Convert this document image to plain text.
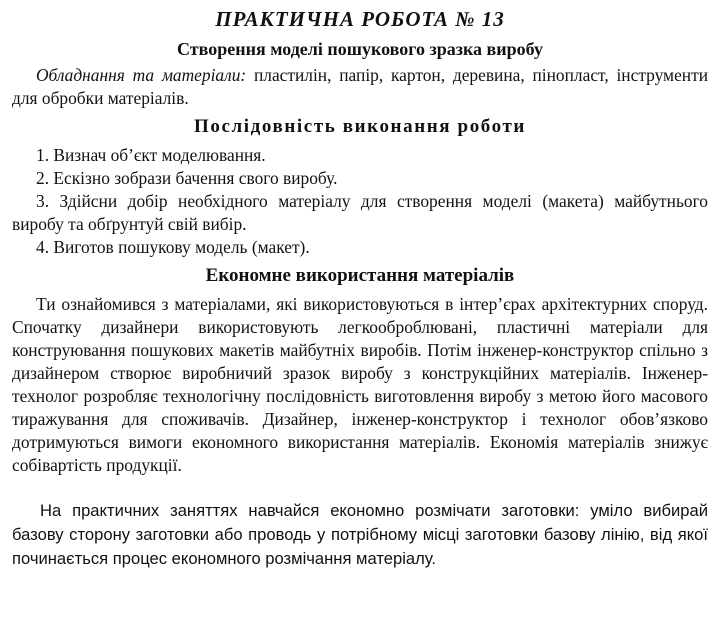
ПРАКТИЧНА РОБОТА № 13
Створення моделі пошукового зразка виробу

Обладнання та матеріали: пластилін, папір, картон, деревина, пінопласт, інструменти для обробки матеріалів.

Послідовність виконання роботи
1. Визнач об’єкт моделювання.
2. Ескізно зобрази бачення свого виробу.
3. Здійсни добір необхідного матеріалу для створення моделі (макета) майбутнього виробу та обґрунтуй свій вибір.
4. Виготов пошукову модель (макет).
Економне використання матеріалів

Ти ознайомився з матеріалами, які використовуються в інтер’єрах архітектурних споруд. Спочатку дизайнери використовують легкооброблювані, пластичні матеріали для конструювання пошукових макетів майбутніх виробів. Потім інженер-конструктор спільно з дизайнером створює виробничий зразок виробу з конструкційних матеріалів. Інженер-технолог розробляє технологічну послідовність виготовлення виробу з метою його масового тиражування для споживачів. Дизайнер, інженер-конструктор і технолог обов’язково дотримуються вимоги економного використання матеріалів. Економія матеріалів знижує собівартість продукції.

На практичних заняттях навчайся економно розмічати заготовки: уміло вибирай базову сторону заготовки або проводь у потрібному місці заготовки базову лінію, від якої починається процес економного розмічання матеріалу.
